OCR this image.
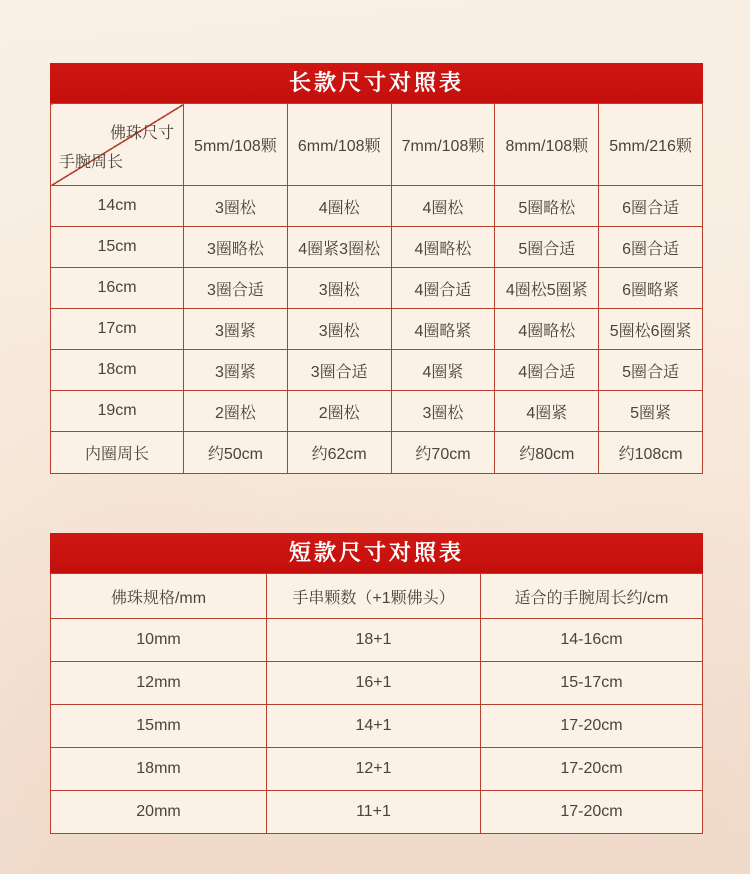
长款尺寸对照表
佛珠尺寸
手腕周长	5mm/108颗	6mm/108颗	7mm/108颗	8mm/108颗	5mm/216颗
14cm	3圈松	4圈松	4圈松	5圈略松	6圈合适
15cm	3圈略松	4圈紧3圈松	4圈略松	5圈合适	6圈合适
16cm	3圈合适	3圈松	4圈合适	4圈松5圈紧	6圈略紧
17cm	3圈紧	3圈松	4圈略紧	4圈略松	5圈松6圈紧
18cm	3圈紧	3圈合适	4圈紧	4圈合适	5圈合适
19cm	2圈松	2圈松	3圈松	4圈紧	5圈紧
内圈周长	约50cm	约62cm	约70cm	约80cm	约108cm
短款尺寸对照表
佛珠规格/mm	手串颗数（+1颗佛头）	适合的手腕周长约/cm
10mm	18+1	14-16cm
12mm	16+1	15-17cm
15mm	14+1	17-20cm
18mm	12+1	17-20cm
20mm	11+1	17-20cm
